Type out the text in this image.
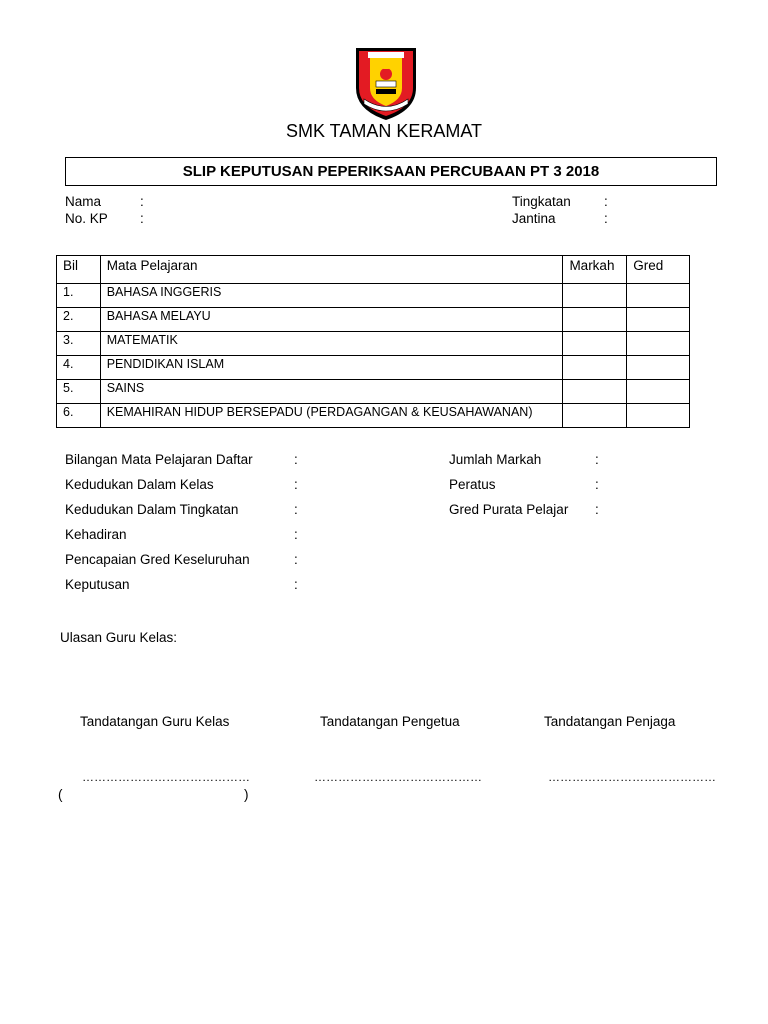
SMK TAMAN KERAMAT
SLIP KEPUTUSAN PEPERIKSAAN PERCUBAAN PT 3 2018
Nama	:
No. KP :
Tingkatan :
Jantina	:
Bil	Mata Pelajaran	Markah	Gred
1.	BAHASA INGGERIS		
2.	BAHASA MELAYU		
3.	MATEMATIK		
4.	PENDIDIKAN ISLAM		
5.	SAINS		
6.	KEMAHIRAN HIDUP BERSEPADU (PERDAGANGAN & KEUSAHAWANAN)		
Bilangan Mata Pelajaran Daftar	:
Kedudukan Dalam Kelas	:
Kedudukan Dalam Tingkatan	:
Kehadiran	:
Pencapaian Gred Keseluruhan	:
Keputusan	:
Jumlah Markah	:
Peratus	:
Gred Purata Pelajar :
Ulasan Guru Kelas:
Tandatangan Guru Kelas	Tandatangan Pengetua	Tandatangan Penjaga
……………………………………	……………………………………	……………………………………
(	)
